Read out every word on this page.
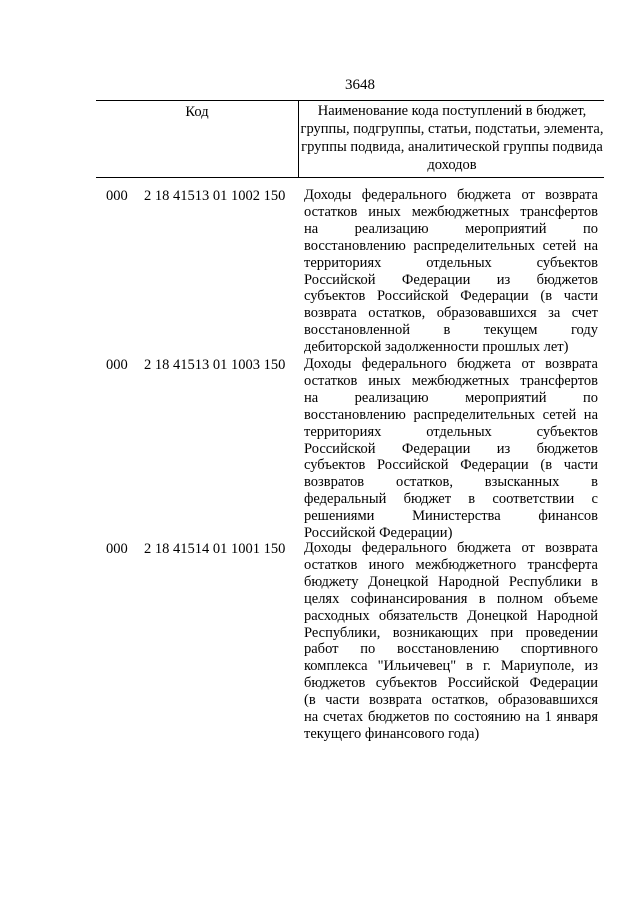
3648
Код	Наименование кода поступлений в бюджет, группы, подгруппы, статьи, подстатьи, элемента, группы подвида, аналитической группы подвида доходов
000 2 18 41513 01 1002 150 Доходы федерального бюджета от возврата
остатков иных межбюджетных трансфертов
на реализацию мероприятий по
восстановлению распределительных сетей на
территориях отдельных субъектов
Российской Федерации из бюджетов
субъектов Российской Федерации (в части
возврата остатков, образовавшихся за счет
восстановленной в текущем году
дебиторской задолженности прошлых лет)
000 2 18 41513 01 1003 150 Доходы федерального бюджета от возврата
остатков иных межбюджетных трансфертов
на реализацию мероприятий по
восстановлению распределительных сетей на
территориях отдельных субъектов
Российской Федерации из бюджетов
субъектов Российской Федерации (в части
возвратов остатков, взысканных в
федеральный бюджет в соответствии с
решениями Министерства финансов
Российской Федерации)
000 2 18 41514 01 1001 150 Доходы федерального бюджета от возврата
остатков иного межбюджетного трансферта
бюджету Донецкой Народной Республики в
целях софинансирования в полном объеме
расходных обязательств Донецкой Народной
Республики, возникающих при проведении
работ по восстановлению спортивного
комплекса "Ильичевец" в г. Мариуполе, из
бюджетов субъектов Российской Федерации
(в части возврата остатков, образовавшихся
на счетах бюджетов по состоянию на 1 января
текущего финансового года)
